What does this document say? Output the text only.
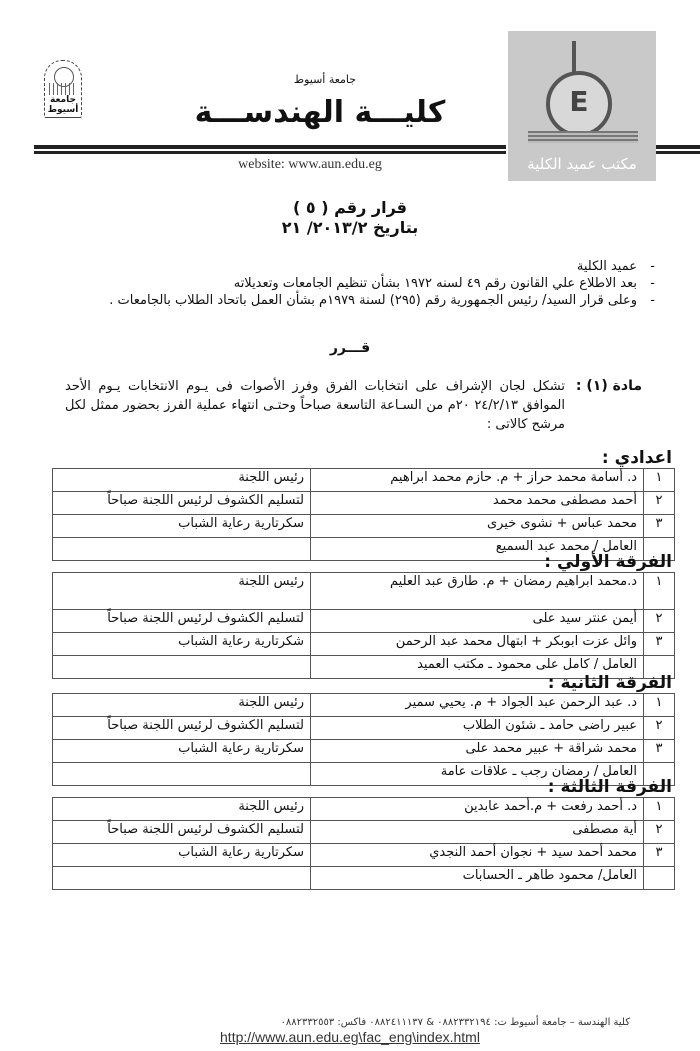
جامعة أسيوط
جامعة أسيوط
كليـــة الهندســـة
website: www.aun.edu.eg
E
مكتب عميد الكلية
قرار رقم ( ٥ )
بتاريخ ٢٠١٣/٢/ ٢١
- عميد الكلية
- بعد الاطلاع علي القانون رقم ٤٩ لسنه ١٩٧٢ بشأن تنظيم الجامعات وتعديلاته
- وعلى قرار السيد/ رئيس الجمهورية رقم (٢٩٥) لسنة ١٩٧٩م بشأن العمل باتحاد الطلاب بالجامعات .
قـــرر
مادة (١) :
تشكل لجان الإشراف على انتخابات الفرق وفرز الأصوات فى يـوم الانتخابات يـوم الأحد الموافق ٢٤/٢/١٣ ٢٠م من السـاعة التاسعة صباحاً وحتـى انتهاء عملية الفرز بحضور ممثل لكل مرشح كالاتى :
اعدادي :
١	د. أسامة محمد حراز + م. حازم محمد ابراهيم	رئيس اللجنة
٢	أحمد مصطفى محمد محمد	لتسليم الكشوف لرئيس اللجنة صباحاً
٣	محمد عباس + نشوى خيرى	سكرتارية رعاية الشباب
	العامل / محمد عبد السميع	
الفرقة الأولي :
١	د.محمد ابراهيم رمضان + م. طارق عبد العليم	رئيس اللجنة
٢	أيمن عنتر سيد على	لتسليم الكشوف لرئيس اللجنة صباحاً
٣	وائل عزت ابوبكر + ابتهال محمد عبد الرحمن	شكرتارية رعاية الشباب
	العامل / كامل على محمود ـ مكتب العميد	
الفرقة الثانية :
١	د. عبد الرحمن عبد الجواد + م. يحيي سمير	رئيس اللجنة
٢	عبير راضى حامد ـ شئون الطلاب	لتسليم الكشوف لرئيس اللجنة صباحاً
٣	محمد شراقة + عبير محمد على	سكرتارية رعاية الشباب
	العامل / رمضان رجب ـ علاقات عامة	
الفرقة الثالثة :
١	د. أحمد رفعت + م.أحمد عابدين	رئيس اللجنة
٢	أية مصطفى	لتسليم الكشوف لرئيس اللجنة صباحاً
٣	محمد أحمد سيد + نجوان أحمد النجدي	سكرتارية رعاية الشباب
	العامل/ محمود طاهر ـ الحسابات	
كلية الهندسة – جامعة أسيوط ت: ٠٨٨٢٣٣٢١٩٤ & ٠٨٨٢٤١١١٣٧ فاكس: ٠٨٨٢٣٣٢٥٥٣
http://www.aun.edu.eg\fac_eng\index.html
